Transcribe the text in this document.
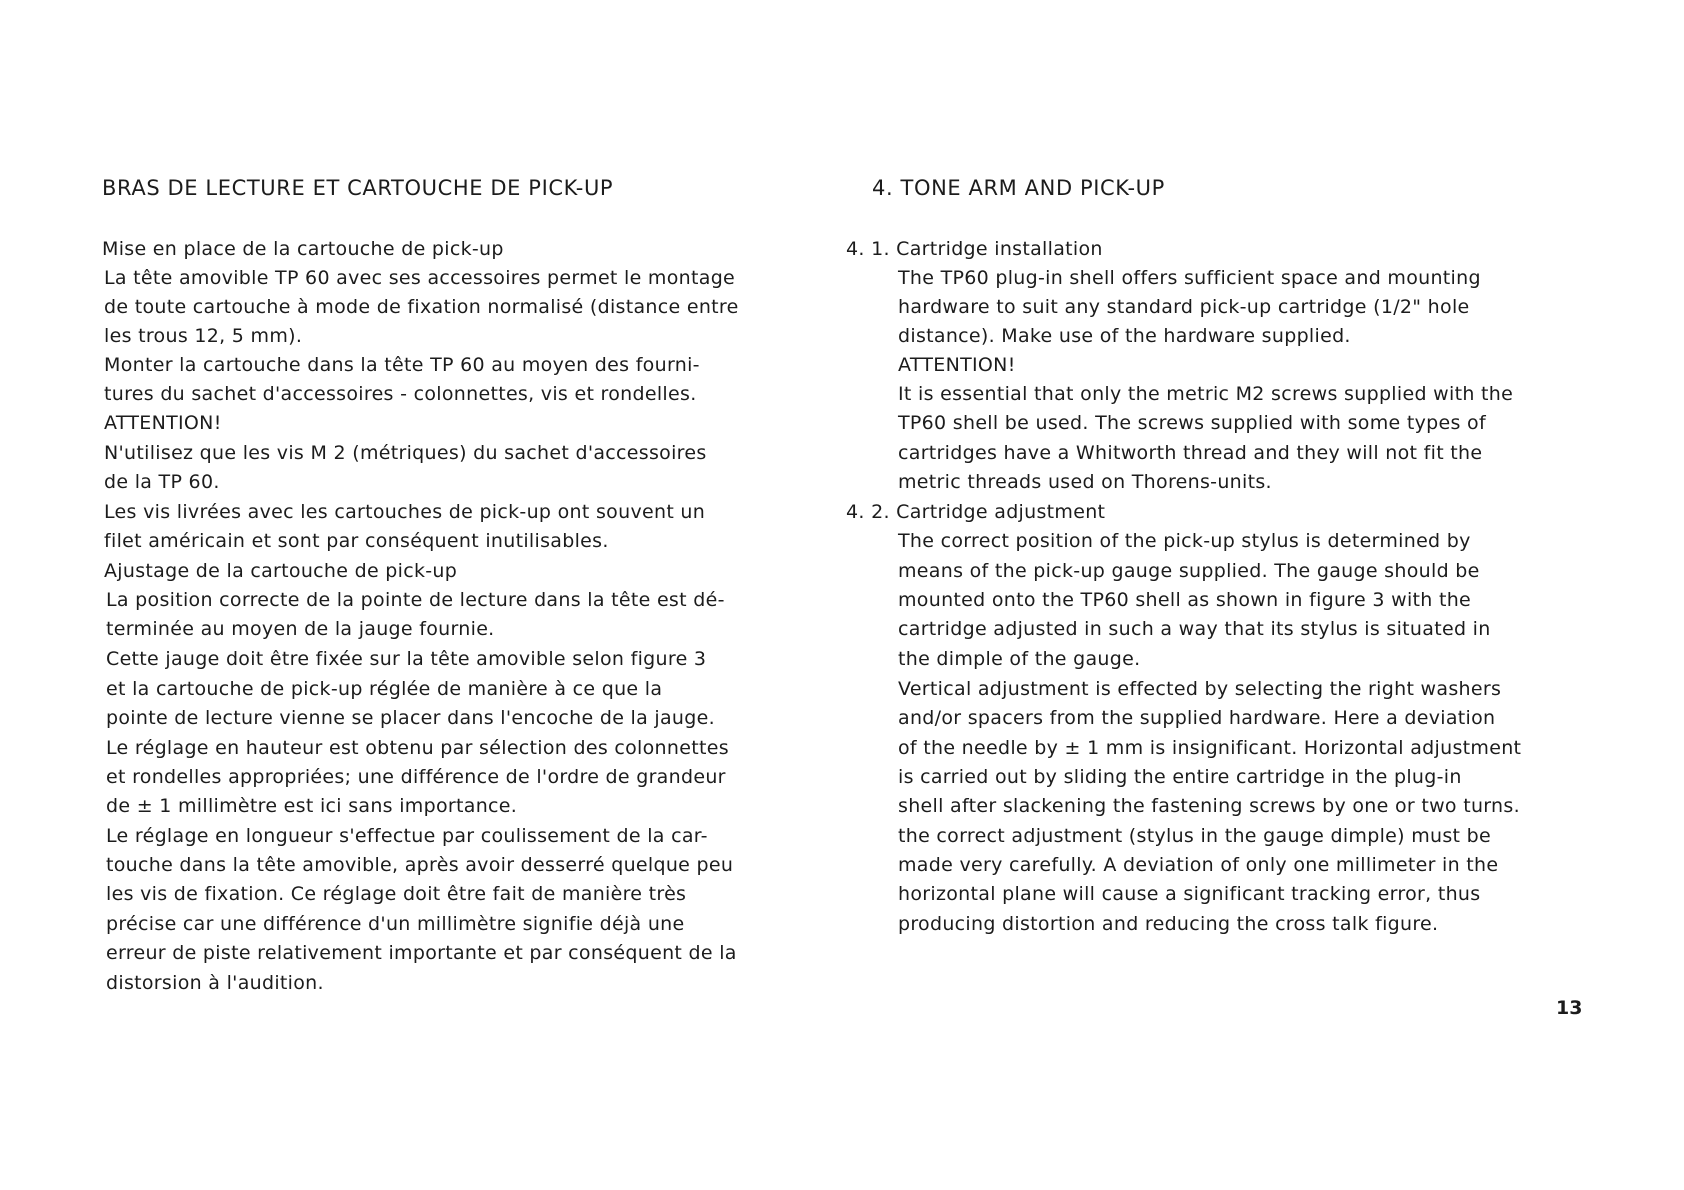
BRAS DE LECTURE ET CARTOUCHE DE PICK-UP
Mise en place de la cartouche de pick-up
La tête amovible TP 60 avec ses accessoires permet le montage
de toute cartouche à mode de fixation normalisé (distance entre
les trous 12, 5 mm).
Monter la cartouche dans la tête TP 60 au moyen des fourni-
tures du sachet d'accessoires - colonnettes, vis et rondelles.
ATTENTION!
N'utilisez que les vis M 2 (métriques) du sachet d'accessoires
de la TP 60.
Les vis livrées avec les cartouches de pick-up ont souvent un
filet américain et sont par conséquent inutilisables.
Ajustage de la cartouche de pick-up
La position correcte de la pointe de lecture dans la tête est dé-
terminée au moyen de la jauge fournie.
Cette jauge doit être fixée sur la tête amovible selon figure 3
et la cartouche de pick-up réglée de manière à ce que la
pointe de lecture vienne se placer dans l'encoche de la jauge.
Le réglage en hauteur est obtenu par sélection des colonnettes
et rondelles appropriées; une différence de l'ordre de grandeur
de ± 1 millimètre est ici sans importance.
Le réglage en longueur s'effectue par coulissement de la car-
touche dans la tête amovible, après avoir desserré quelque peu
les vis de fixation. Ce réglage doit être fait de manière très
précise car une différence d'un millimètre signifie déjà une
erreur de piste relativement importante et par conséquent de la
distorsion à l'audition.
4. TONE ARM AND PICK-UP
4. 1. Cartridge installation
The TP60 plug-in shell offers sufficient space and mounting
hardware to suit any standard pick-up cartridge (1/2" hole
distance). Make use of the hardware supplied.
ATTENTION!
It is essential that only the metric M2 screws supplied with the
TP60 shell be used. The screws supplied with some types of
cartridges have a Whitworth thread and they will not fit the
metric threads used on Thorens-units.
4. 2. Cartridge adjustment
The correct position of the pick-up stylus is determined by
means of the pick-up gauge supplied. The gauge should be
mounted onto the TP60 shell as shown in figure 3 with the
cartridge adjusted in such a way that its stylus is situated in
the dimple of the gauge.
Vertical adjustment is effected by selecting the right washers
and/or spacers from the supplied hardware. Here a deviation
of the needle by ± 1 mm is insignificant. Horizontal adjustment
is carried out by sliding the entire cartridge in the plug-in
shell after slackening the fastening screws by one or two turns.
the correct adjustment (stylus in the gauge dimple) must be
made very carefully. A deviation of only one millimeter in the
horizontal plane will cause a significant tracking error, thus
producing distortion and reducing the cross talk figure.
13
